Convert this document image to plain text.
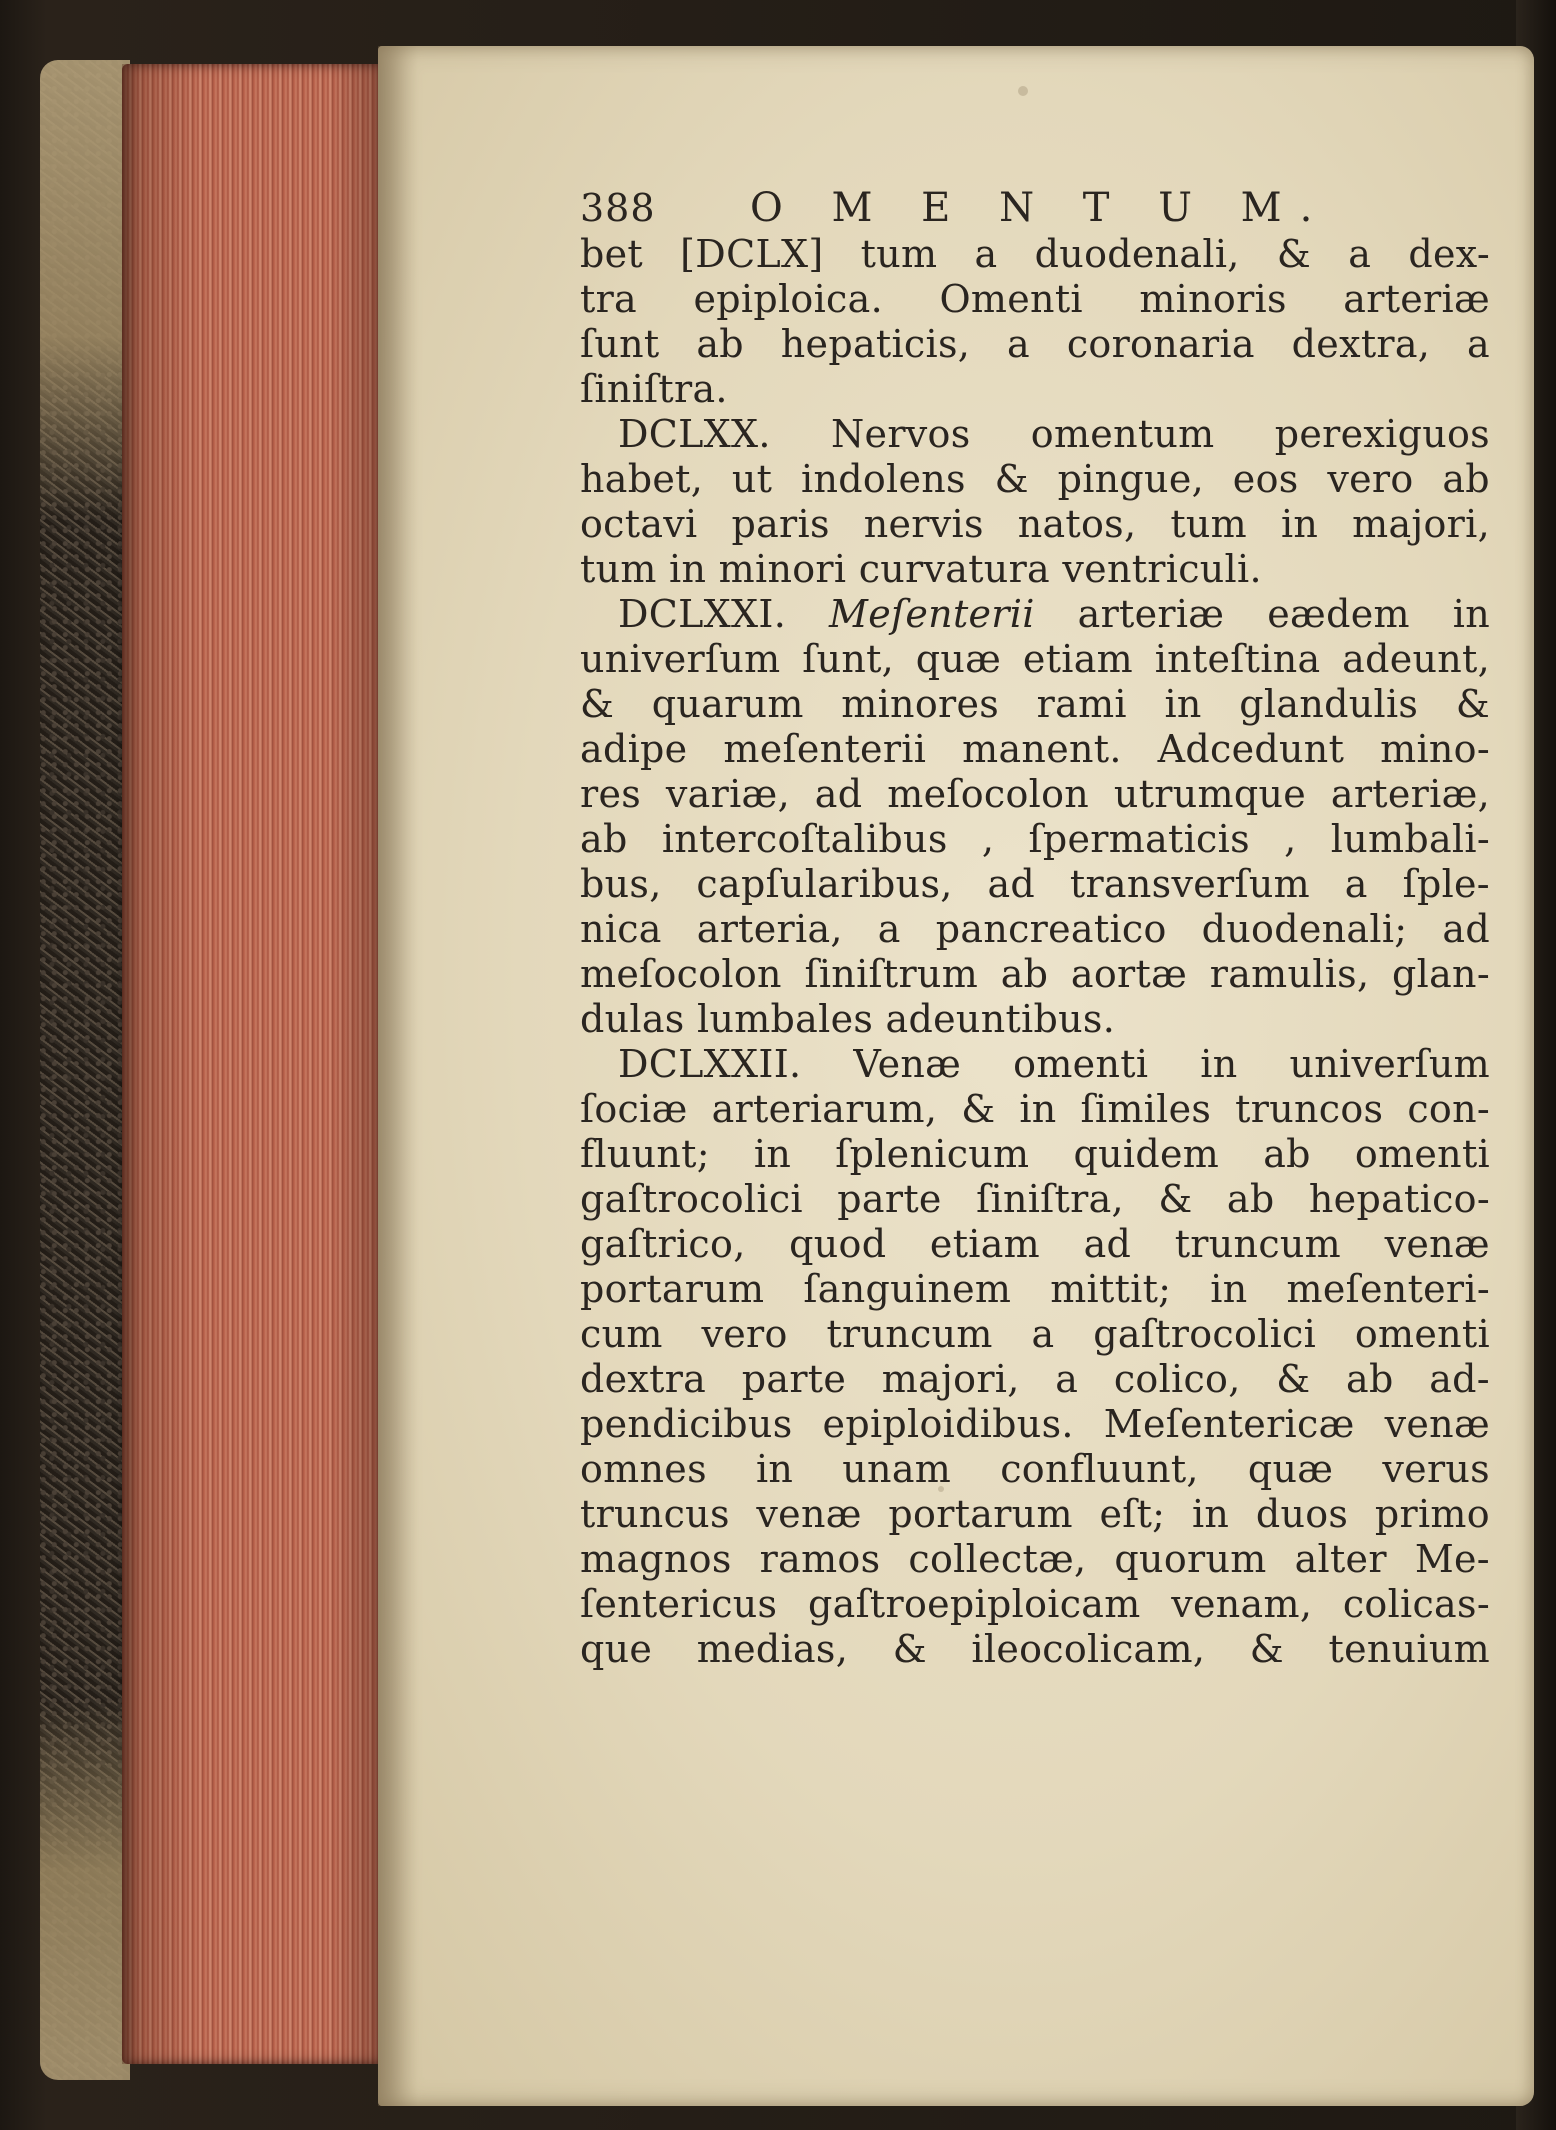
388	O M E N T U M.
bet [DCLX] tum a duodenali, & a dex-
tra epiploica. Omenti minoris arteriæ
ſunt ab hepaticis, a coronaria dextra, a
ſiniſtra.
DCLXX. Nervos omentum perexiguos
habet, ut indolens & pingue, eos vero ab
octavi paris nervis natos, tum in majori,
tum in minori curvatura ventriculi.
DCLXXI. Meſenterii arteriæ eædem in
univerſum ſunt, quæ etiam inteſtina adeunt,
& quarum minores rami in glandulis &
adipe meſenterii manent. Adcedunt mino-
res variæ, ad meſocolon utrumque arteriæ,
ab intercoſtalibus , ſpermaticis , lumbali-
bus, capſularibus, ad transverſum a ſple-
nica arteria, a pancreatico duodenali; ad
meſocolon ſiniſtrum ab aortæ ramulis, glan-
dulas lumbales adeuntibus.
DCLXXII. Venæ omenti in univerſum
ſociæ arteriarum, & in ſimiles truncos con-
fluunt; in ſplenicum quidem ab omenti
gaſtrocolici parte ſiniſtra, & ab hepatico-
gaſtrico, quod etiam ad truncum venæ
portarum ſanguinem mittit; in meſenteri-
cum vero truncum a gaſtrocolici omenti
dextra parte majori, a colico, & ab ad-
pendicibus epiploidibus. Meſentericæ venæ
omnes in unam confluunt, quæ verus
truncus venæ portarum eſt; in duos primo
magnos ramos collectæ, quorum alter Me-
ſentericus gaſtroepiploicam venam, colicas-
que medias, & ileocolicam, & tenuium
